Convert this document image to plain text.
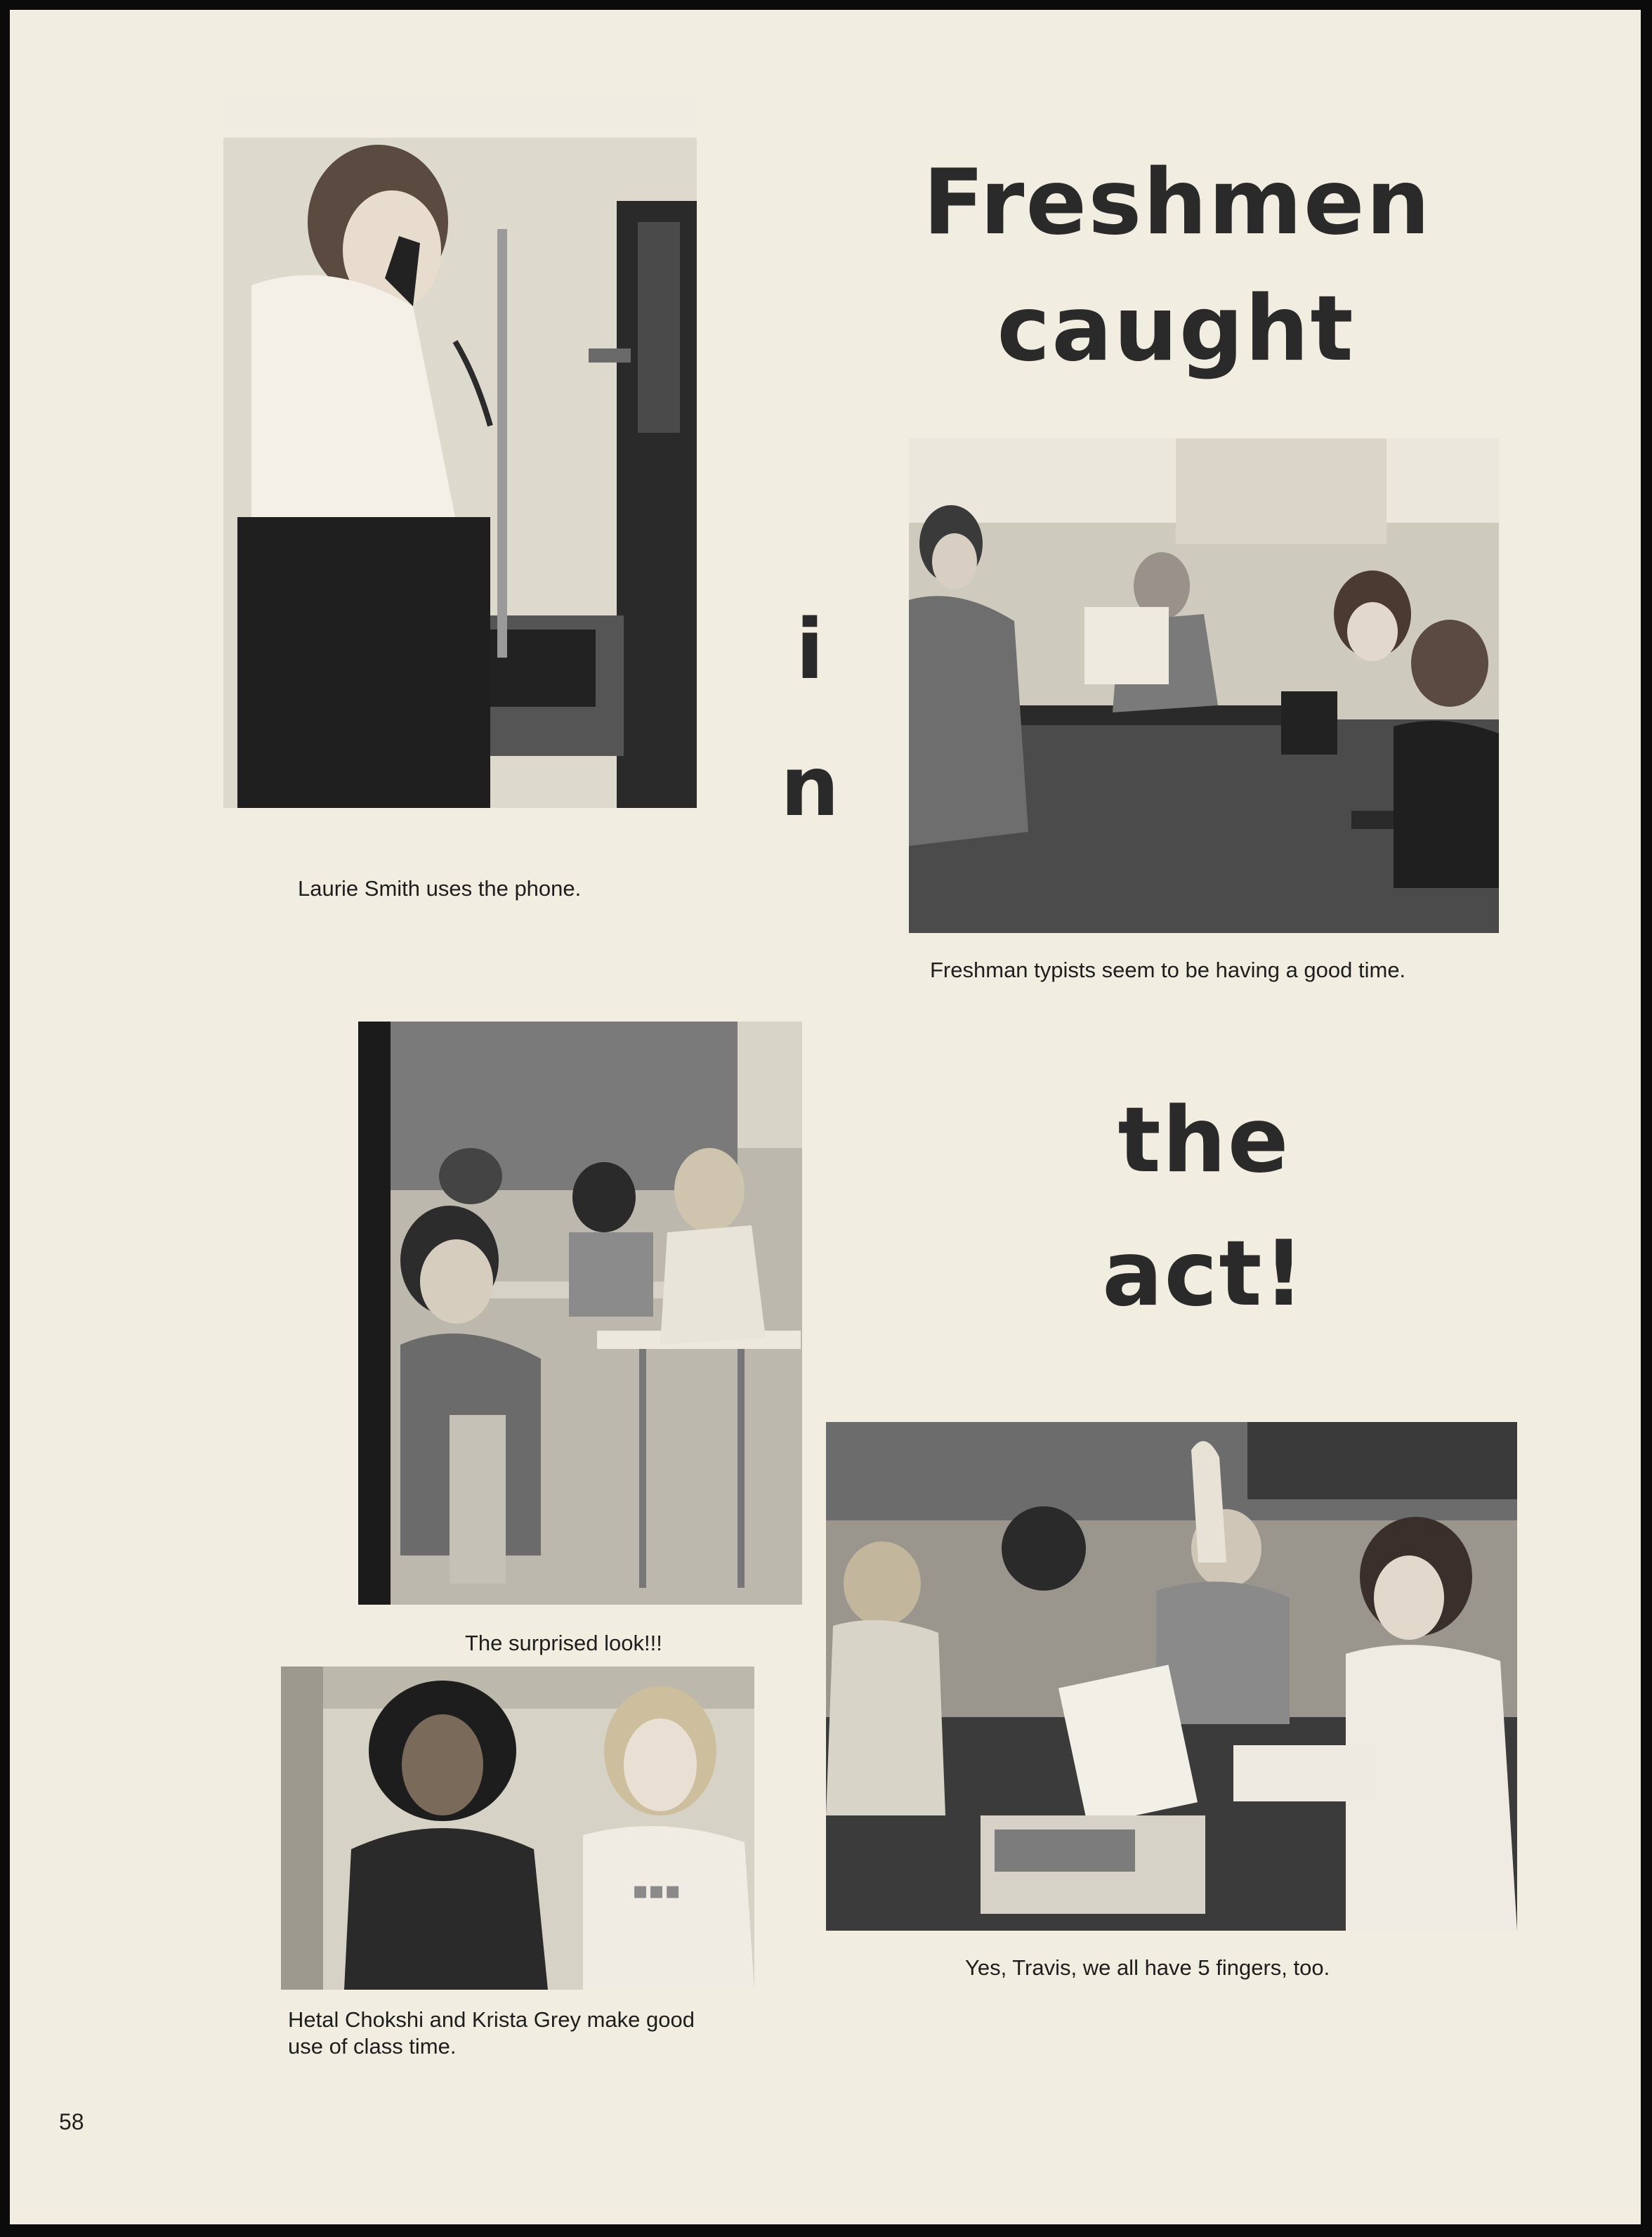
Laurie Smith uses the phone.
Freshmen
caught
i
n
the
act!
Freshman typists seem to be having a good time.
The surprised look!!!
▪▪▪
Hetal Chokshi and Krista Grey make good
use of class time.
Yes, Travis, we all have 5 fingers, too.
58
